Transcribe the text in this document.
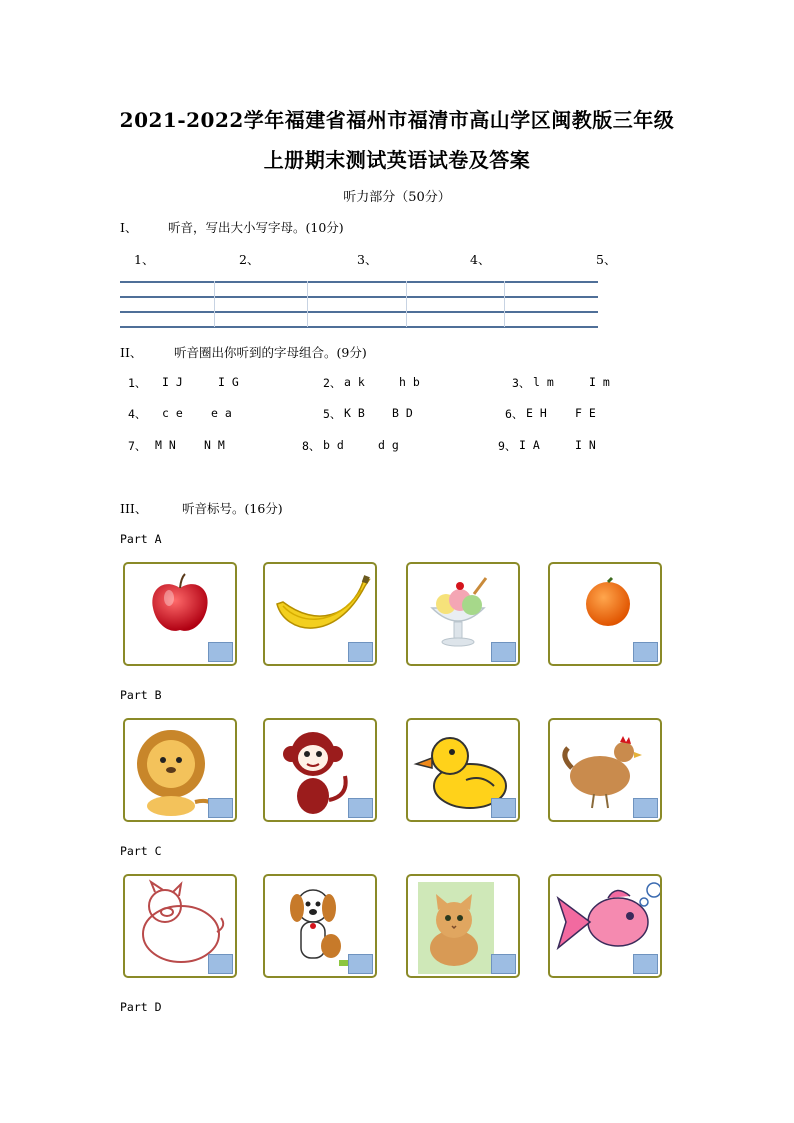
2021-2022学年福建省福州市福清市高山学区闽教版三年级
上册期末测试英语试卷及答案
听力部分（50分）
I、 听音，写出大小写字母。(10分)
1、	2、	3、	4、	5、
II、	听音圈出你听到的字母组合。(9分)
1、 I J	I G	2、 a k	h b	3、 l m	I m
4、 c e e a	5、 K B B D	6、 E H F E
7、 M N N M	8、 b d	d g	9、 I A	I N
III、	听音标号。(16分)
Part A
Part B
Part C
Part D
